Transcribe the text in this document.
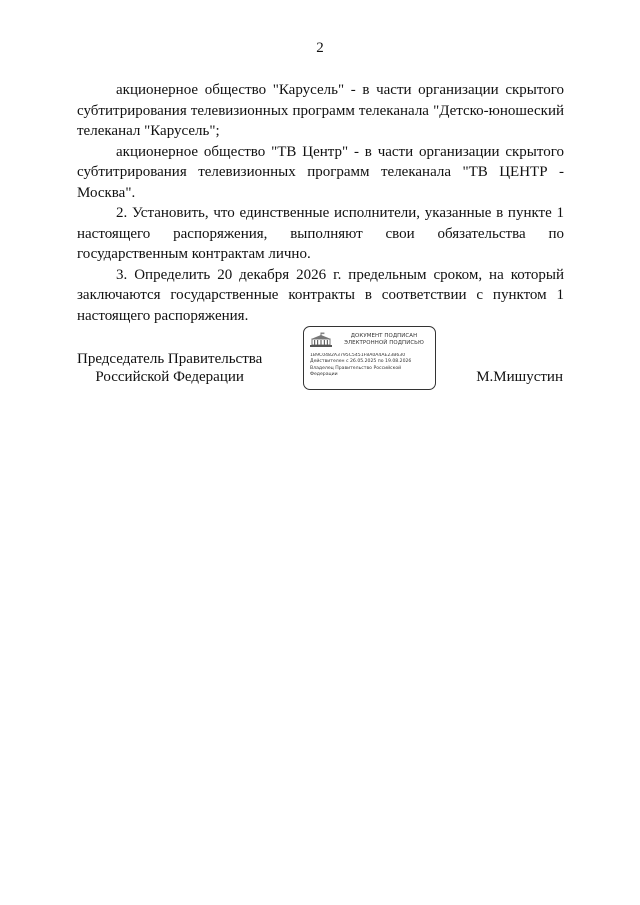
2

акционерное общество "Карусель" - в части организации скрытого субтитрирования телевизионных программ телеканала "Детско-юношеский телеканал "Карусель";

акционерное общество "ТВ Центр" - в части организации скрытого субтитрирования телевизионных программ телеканала "ТВ ЦЕНТР - Москва".

2. Установить, что единственные исполнители, указанные в пункте 1 настоящего распоряжения, выполняют свои обязательства по государственным контрактам лично.

3. Определить 20 декабря 2026 г. предельным сроком, на который заключаются государственные контракты в соответствии с пунктом 1 настоящего распоряжения.

Председатель Правительства
Российской Федерации
ДОКУМЕНТ ПОДПИСАН
ЭЛЕКТРОННОЙ ПОДПИСЬЮ
1B9C0482A3795C5451F8A0A4AE23B630
Действителен с 26.05.2025 по 19.08.2026
Владелец Правительство Российской
Федерации	М.Мишустин
